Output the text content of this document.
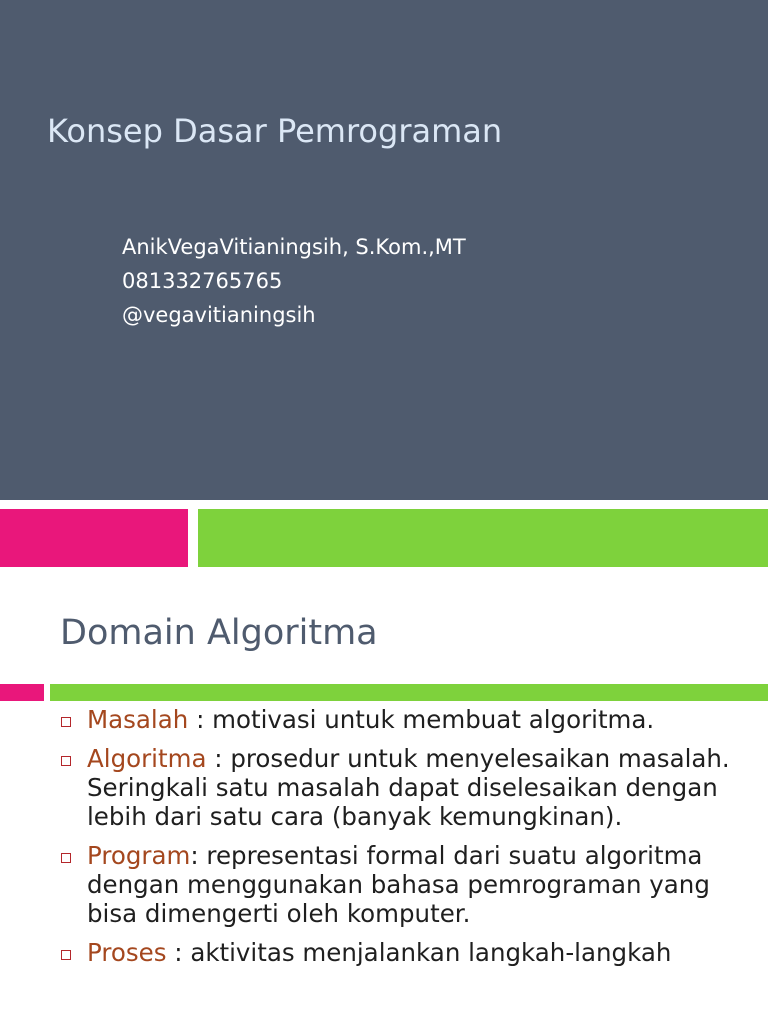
Konsep Dasar Pemrograman
AnikVegaVitianingsih, S.Kom.,MT
081332765765
@vegavitianingsih
Domain Algoritma
Masalah : motivasi untuk membuat algoritma.
Algoritma : prosedur untuk menyelesaikan masalah. Seringkali satu masalah dapat diselesaikan dengan lebih dari satu cara (banyak kemungkinan).
Program: representasi formal dari suatu algoritma dengan menggunakan bahasa pemrograman yang bisa dimengerti oleh komputer.
Proses : aktivitas menjalankan langkah-langkah
